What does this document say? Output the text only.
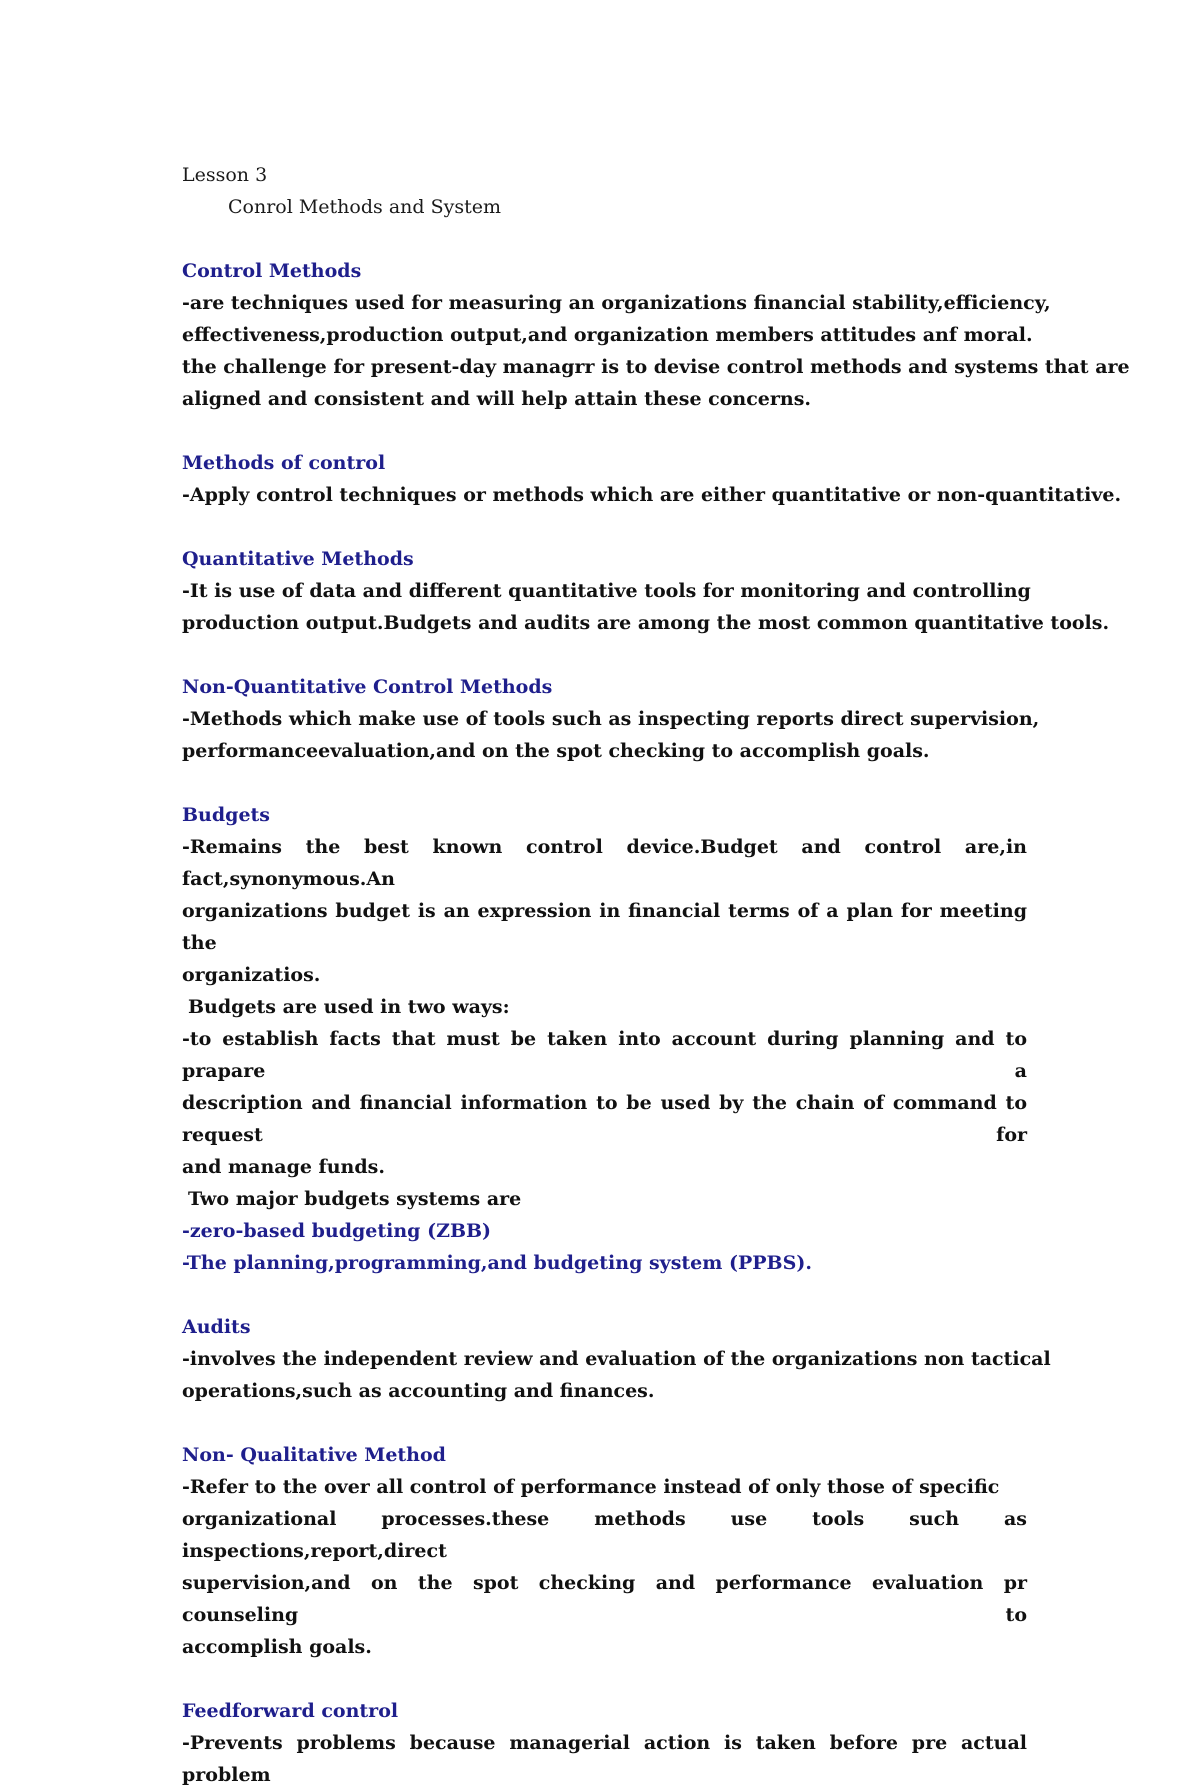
Lesson 3
Conrol Methods and System
Control Methods
-are techniques used for measuring an organizations financial stability,efficiency,
effectiveness,production output,and organization members attitudes anf moral.
the challenge for present-day managrr is to devise control methods and systems that are
aligned and consistent and will help attain these concerns.
Methods of control
-Apply control techniques or methods which are either quantitative or non-quantitative.
Quantitative Methods
-It is use of data and different quantitative tools for monitoring and controlling
production output.Budgets and audits are among the most common quantitative tools.
Non-Quantitative Control Methods
-Methods which make use of tools such as inspecting reports direct supervision,
performanceevaluation,and on the spot checking to accomplish goals.
Budgets
-Remains the best known control device.Budget and control are,in fact,synonymous.An
organizations budget is an expression in financial terms of a plan for meeting the
organizatios.
Budgets are used in two ways:
-to establish facts that must be taken into account during planning and to prapare a
description and financial information to be used by the chain of command to request for
and manage funds.
Two major budgets systems are
-zero-based budgeting (ZBB)
-The planning,programming,and budgeting system (PPBS).
Audits
-involves the independent review and evaluation of the organizations non tactical
operations,such as accounting and finances.
Non- Qualitative Method
-Refer to the over all control of performance instead of only those of specific
organizational processes.these methods use tools such as inspections,report,direct
supervision,and on the spot checking and performance evaluation pr counseling to
accomplish goals.
Feedforward control
-Prevents problems because managerial action is taken before pre actual problem
